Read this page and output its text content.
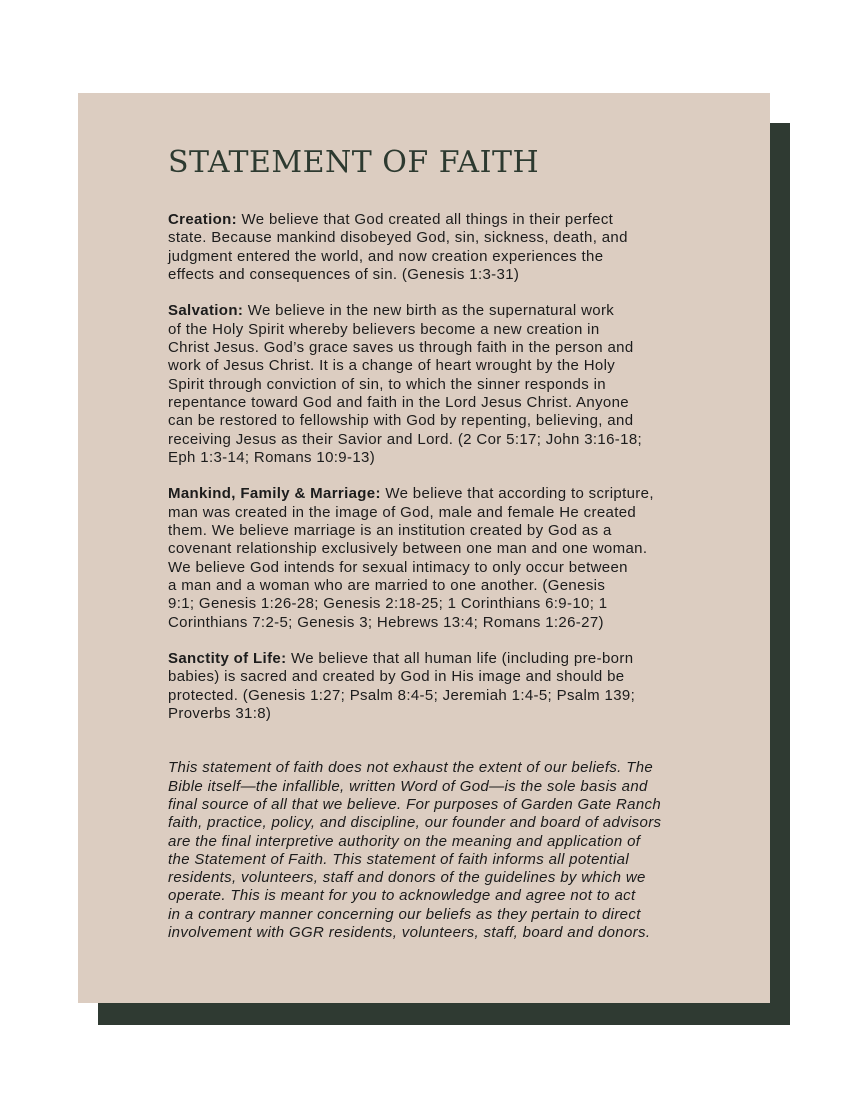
STATEMENT OF FAITH

Creation: We believe that God created all things in their perfect
state. Because mankind disobeyed God, sin, sickness, death, and
judgment entered the world, and now creation experiences the
effects and consequences of sin. (Genesis 1:3-31)

Salvation: We believe in the new birth as the supernatural work
of the Holy Spirit whereby believers become a new creation in
Christ Jesus. God’s grace saves us through faith in the person and
work of Jesus Christ. It is a change of heart wrought by the Holy
Spirit through conviction of sin, to which the sinner responds in
repentance toward God and faith in the Lord Jesus Christ. Anyone
can be restored to fellowship with God by repenting, believing, and
receiving Jesus as their Savior and Lord. (2 Cor 5:17; John 3:16-18;
Eph 1:3-14; Romans 10:9-13)

Mankind, Family & Marriage: We believe that according to scripture,
man was created in the image of God, male and female He created
them. We believe marriage is an institution created by God as a
covenant relationship exclusively between one man and one woman.
We believe God intends for sexual intimacy to only occur between
a man and a woman who are married to one another. (Genesis
9:1; Genesis 1:26-28; Genesis 2:18-25; 1 Corinthians 6:9-10; 1
Corinthians 7:2-5; Genesis 3; Hebrews 13:4; Romans 1:26-27)

Sanctity of Life: We believe that all human life (including pre-born
babies) is sacred and created by God in His image and should be
protected. (Genesis 1:27; Psalm 8:4-5; Jeremiah 1:4-5; Psalm 139;
Proverbs 31:8)

This statement of faith does not exhaust the extent of our beliefs. The
Bible itself—the infallible, written Word of God—is the sole basis and
final source of all that we believe. For purposes of Garden Gate Ranch
faith, practice, policy, and discipline, our founder and board of advisors
are the final interpretive authority on the meaning and application of
the Statement of Faith. This statement of faith informs all potential
residents, volunteers, staff and donors of the guidelines by which we
operate. This is meant for you to acknowledge and agree not to act
in a contrary manner concerning our beliefs as they pertain to direct
involvement with GGR residents, volunteers, staff, board and donors.
